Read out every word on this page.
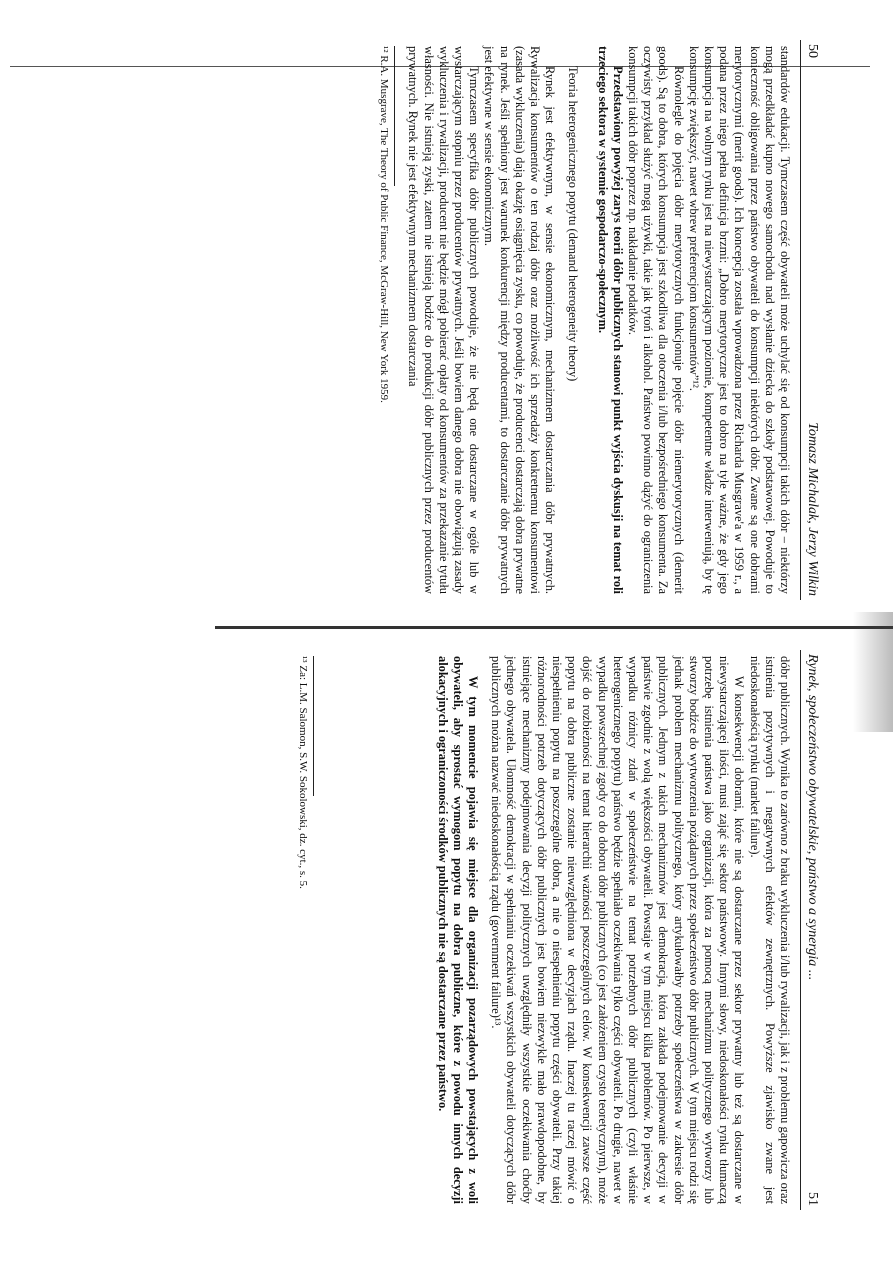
50
Tomasz Michalak, Jerzy Wilkin

standardów edukacji. Tymczasem część obywateli może uchylać się od konsumpcji takich dóbr – niektórzy mogą przedkładać kupno nowego samochodu nad wysłanie dziecka do szkoły podstawowej. Powoduje to konieczność obligowania przez państwo obywateli do konsumpcji niektórych dóbr. Zwane są one dobrami merytorycznymi (merit goods). Ich koncepcja została wprowadzona przez Richarda Musgrave'a w 1959 r., a podana przez niego pełna definicja brzmi: „Dobro merytoryczne jest to dobro na tyle ważne, że gdy jego konsumpcja na wolnym rynku jest na niewystarczającym poziomie, kompetentne władze interweniują, by tę konsumpcję zwiększyć, nawet wbrew preferencjom konsumentów”¹².

Równolegle do pojęcia dóbr merytorycznych funkcjonuje pojęcie dóbr niemerytorycznych (demerit goods). Są to dobra, których konsumpcja jest szkodliwa dla otoczenia i/lub bezpośredniego konsumenta. Za oczywisty przykład służyć mogą używki, takie jak tytoń i alkohol. Państwo powinno dążyć do ograniczenia konsumpcji takich dóbr poprzez np. nakładanie podatków.

Przedstawiony powyżej zarys teorii dóbr publicznych stanowi punkt wyjścia dyskusji na temat roli trzeciego sektora w systemie gospodarczo-społecznym.

Teoria heterogenicznego popytu (demand heterogeneity theory)

Rynek jest efektywnym, w sensie ekonomicznym, mechanizmem dostarczania dóbr prywatnych. Rywalizacja konsumentów o ten rodzaj dóbr oraz możliwość ich sprzedaży konkretnemu konsumentowi (zasada wykluczenia) dają okazję osiągnięcia zysku, co powoduje, że producenci dostarczają dobra prywatne na rynek. Jeśli spełniony jest warunek konkurencji między producentami, to dostarczanie dóbr prywatnych jest efektywne w sensie ekonomicznym.

Tymczasem specyfika dóbr publicznych powoduje, że nie będą one dostarczane w ogóle lub w wystarczającym stopniu przez producentów prywatnych. Jeśli bowiem danego dobra nie obowiązują zasady wykluczenia i rywalizacji, producent nie będzie mógł pobierać opłaty od konsumentów za przekazanie tytułu własności. Nie istnieją zyski, zatem nie istnieją bodźce do produkcji dóbr publicznych przez producentów prywatnych. Rynek nie jest efektywnym mechanizmem dostarczania

¹² R.A. Musgrave, The Theory of Public Finance, McGraw-Hill, New York 1959.
Rynek, społeczeństwo obywatelskie, państwo a synergia ...
51

dóbr publicznych. Wynika to zarówno z braku wykluczenia i/lub rywalizacji, jak i z problemu gapowicza oraz istnienia pozytywnych i negatywnych efektów zewnętrznych. Powyższe zjawisko zwane jest niedoskonałością rynku (market failure).

W konsekwencji dobrami, które nie są dostarczane przez sektor prywatny lub też są dostarczane w niewystarczającej ilości, musi zająć się sektor państwowy. Innymi słowy, niedoskonałości rynku tłumaczą potrzebę istnienia państwa jako organizacji, która za pomocą mechanizmu politycznego wytworzy lub stworzy bodźce do wytworzenia pożądanych przez społeczeństwo dóbr publicznych. W tym miejscu rodzi się jednak problem mechanizmu politycznego, który artykułowałby potrzeby społeczeństwa w zakresie dóbr publicznych. Jednym z takich mechanizmów jest demokracja, która zakłada podejmowanie decyzji w państwie zgodnie z wolą większości obywateli. Powstaje w tym miejscu kilka problemów. Po pierwsze, w wypadku różnicy zdań w społeczeństwie na temat potrzebnych dóbr publicznych (czyli właśnie heterogenicznego popytu) państwo będzie spełniało oczekiwania tylko części obywateli. Po drugie, nawet w wypadku powszechnej zgody co do doboru dóbr publicznych (co jest założeniem czysto teoretycznym), może dojść do rozbieżności na temat hierarchii ważności poszczególnych celów. W konsekwencji zawsze część popytu na dobra publiczne zostanie nieuwzględniona w decyzjach rządu. Inaczej tu raczej mówić o niespełnieniu popytu na poszczególne dobra, a nie o niespełnieniu popytu części obywateli. Przy takiej różnorodności potrzeb dotyczących dóbr publicznych jest bowiem niezwykle mało prawdopodobne, by istniejące mechanizmy podejmowania decyzji politycznych uwzględniły wszystkie oczekiwania choćby jednego obywatela. Ułomność demokracji w spełnianiu oczekiwań wszystkich obywateli dotyczących dóbr publicznych można nazwać niedoskonałością rządu (government failure)¹³.

W tym momencie pojawia się miejsce dla organizacji pozarządowych powstających z woli obywateli, aby sprostać wymogom popytu na dobra publiczne, które z powodu innych decyzji alokacyjnych i ograniczoności środków publicznych nie są dostarczane przez państwo.

¹³ Za: L.M. Salomon, S.W. Sokolowski, dz. cyt., s. 5.
